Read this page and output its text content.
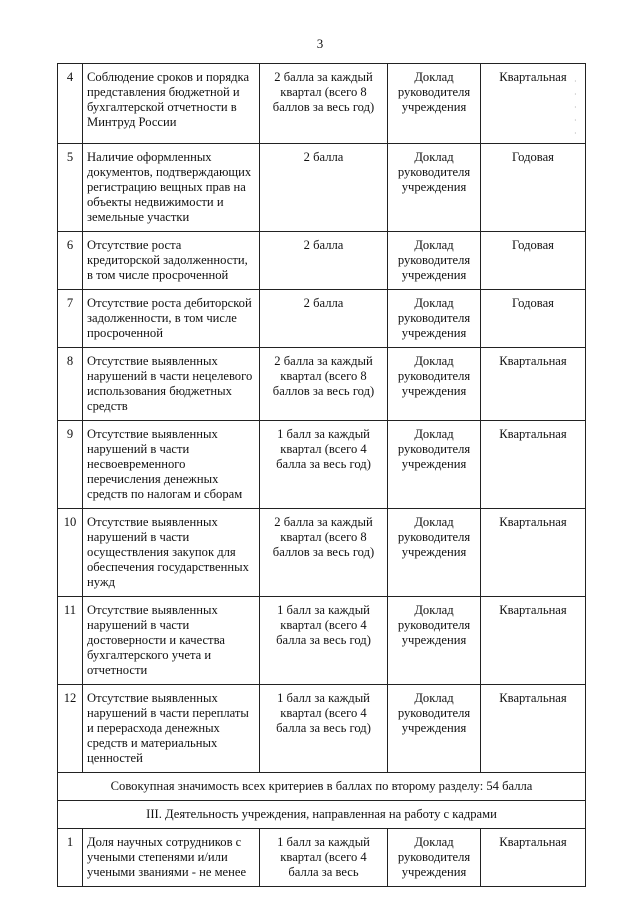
3
4	Соблюдение сроков и порядка представления бюджетной и бухгалтерской отчетности в Минтруд России	2 балла за каждый квартал (всего 8 баллов за весь год)	Доклад руководителя учреждения	Квартальная
5	Наличие оформленных документов, подтверждающих регистрацию вещных прав на объекты недвижимости и земельные участки	2 балла	Доклад руководителя учреждения	Годовая
6	Отсутствие роста кредиторской задолженности, в том числе просроченной	2 балла	Доклад руководителя учреждения	Годовая
7	Отсутствие роста дебиторской задолженности, в том числе просроченной	2 балла	Доклад руководителя учреждения	Годовая
8	Отсутствие выявленных нарушений в части нецелевого использования бюджетных средств	2 балла за каждый квартал (всего 8 баллов за весь год)	Доклад руководителя учреждения	Квартальная
9	Отсутствие выявленных нарушений в части несвоевременного перечисления денежных средств по налогам и сборам	1 балл за каждый квартал (всего 4 балла за весь год)	Доклад руководителя учреждения	Квартальная
10	Отсутствие выявленных нарушений в части осуществления закупок для обеспечения государственных нужд	2 балла за каждый квартал (всего 8 баллов за весь год)	Доклад руководителя учреждения	Квартальная
11	Отсутствие выявленных нарушений в части достоверности и качества бухгалтерского учета и отчетности	1 балл за каждый квартал (всего 4 балла за весь год)	Доклад руководителя учреждения	Квартальная
12	Отсутствие выявленных нарушений в части переплаты и перерасхода денежных средств и материальных ценностей	1 балл за каждый квартал (всего 4 балла за весь год)	Доклад руководителя учреждения	Квартальная
Совокупная значимость всех критериев в баллах по второму разделу: 54 балла				
III. Деятельность учреждения, направленная на работу с кадрами				
1	Доля научных сотрудников с учеными степенями и/или учеными званиями - не менее	1 балл за каждый квартал (всего 4 балла за весь	Доклад руководителя учреждения	Квартальная
·
·
·
·
·
